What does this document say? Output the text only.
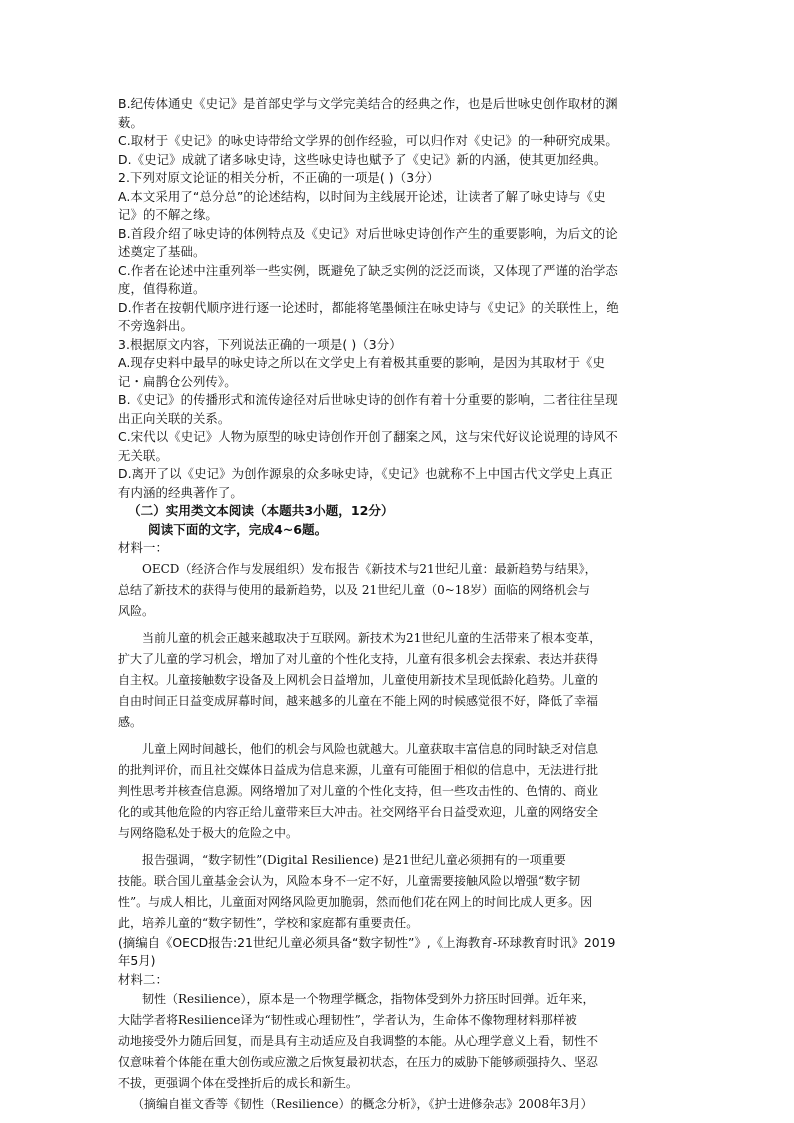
B.纪传体通史《史记》是首部史学与文学完美结合的经典之作，也是后世咏史创作取材的渊
薮。
C.取材于《史记》的咏史诗带给文学界的创作经验，可以归作对《史记》的一种研究成果。
D.《史记》成就了诸多咏史诗，这些咏史诗也赋予了《史记》新的内涵，使其更加经典。
2.下列对原文论证的相关分析，不正确的一项是( )（3分）
A.本文采用了“总分总”的论述结构，以时间为主线展开论述，让读者了解了咏史诗与《史
记》的不解之缘。
B.首段介绍了咏史诗的体例特点及《史记》对后世咏史诗创作产生的重要影响，为后文的论
述奠定了基础。
C.作者在论述中注重列举一些实例，既避免了缺乏实例的泛泛而谈，又体现了严谨的治学态
度，值得称道。
D.作者在按朝代顺序进行逐一论述时，都能将笔墨倾注在咏史诗与《史记》的关联性上，绝
不旁逸斜出。
3.根据原文内容，下列说法正确的一项是( )（3分）
A.现存史料中最早的咏史诗之所以在文学史上有着极其重要的影响，是因为其取材于《史
记・扁鹊仓公列传》。
B.《史记》的传播形式和流传途径对后世咏史诗的创作有着十分重要的影响，二者往往呈现
出正向关联的关系。
C.宋代以《史记》人物为原型的咏史诗创作开创了翻案之风，这与宋代好议论说理的诗风不
无关联。
D.离开了以《史记》为创作源泉的众多咏史诗，《史记》也就称不上中国古代文学史上真正
有内涵的经典著作了。
（二）实用类文本阅读（本题共3小题，12分）
阅读下面的文字，完成4~6题。
材料一：
　　OECD（经济合作与发展组织）发布报告《新技术与21世纪儿童：最新趋势与结果》，
总结了新技术的获得与使用的最新趋势，以及 21世纪儿童（0~18岁）面临的网络机会与
风险。
　　当前儿童的机会正越来越取决于互联网。新技术为21世纪儿童的生活带来了根本变革，
扩大了儿童的学习机会，增加了对儿童的个性化支持，儿童有很多机会去探索、表达并获得
自主权。儿童接触数字设备及上网机会日益增加，儿童使用新技术呈现低龄化趋势。儿童的
自由时间正日益变成屏幕时间，越来越多的儿童在不能上网的时候感觉很不好，降低了幸福
感。
　　儿童上网时间越长，他们的机会与风险也就越大。儿童获取丰富信息的同时缺乏对信息
的批判评价，而且社交媒体日益成为信息来源，儿童有可能囿于相似的信息中，无法进行批
判性思考并核查信息源。网络增加了对儿童的个性化支持，但一些攻击性的、色情的、商业
化的或其他危险的内容正给儿童带来巨大冲击。社交网络平台日益受欢迎，儿童的网络安全
与网络隐私处于极大的危险之中。
　　报告强调，“数字韧性”(Digital Resilience) 是21世纪儿童必须拥有的一项重要
技能。联合国儿童基金会认为，风险本身不一定不好，儿童需要接触风险以增强“数字韧
性”。与成人相比，儿童面对网络风险更加脆弱，然而他们花在网上的时间比成人更多。因
此，培养儿童的“数字韧性”，学校和家庭都有重要责任。
(摘编自《OECD报告:21世纪儿童必须具备“数字韧性”》,《上海教育-环球教育时讯》2019
年5月)
材料二：
　　韧性（Resilience），原本是一个物理学概念，指物体受到外力挤压时回弹。近年来，
大陆学者将Resilience译为“韧性或心理韧性”，学者认为，生命体不像物理材料那样被
动地接受外力随后回复，而是具有主动适应及自我调整的本能。从心理学意义上看，韧性不
仅意味着个体能在重大创伤或应激之后恢复最初状态，在压力的威胁下能够顽强持久、坚忍
不拔，更强调个体在受挫折后的成长和新生。
（摘编自崔文香等《韧性（Resilience）的概念分析》，《护士进修杂志》2008年3月）
